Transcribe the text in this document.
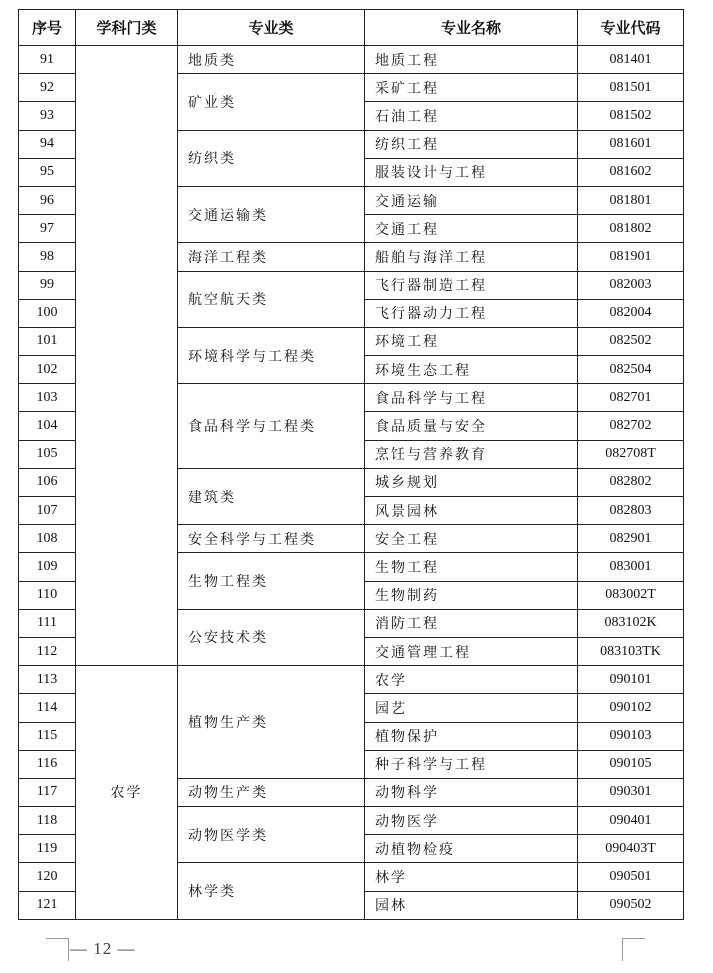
序号	学科门类	专业类	专业名称	专业代码
91		地质类	地质工程	081401
92		矿业类	采矿工程	081501
93			石油工程	081502
94		纺织类	纺织工程	081601
95			服装设计与工程	081602
96		交通运输类	交通运输	081801
97			交通工程	081802
98		海洋工程类	船舶与海洋工程	081901
99		航空航天类	飞行器制造工程	082003
100			飞行器动力工程	082004
101		环境科学与工程类	环境工程	082502
102			环境生态工程	082504
103		食品科学与工程类	食品科学与工程	082701
104			食品质量与安全	082702
105			烹饪与营养教育	082708T
106		建筑类	城乡规划	082802
107			风景园林	082803
108		安全科学与工程类	安全工程	082901
109		生物工程类	生物工程	083001
110			生物制药	083002T
111		公安技术类	消防工程	083102K
112			交通管理工程	083103TK
113	农学	植物生产类	农学	090101
114			园艺	090102
115			植物保护	090103
116			种子科学与工程	090105
117		动物生产类	动物科学	090301
118		动物医学类	动物医学	090401
119			动植物检疫	090403T
120		林学类	林学	090501
121			园林	090502
— 12 —
